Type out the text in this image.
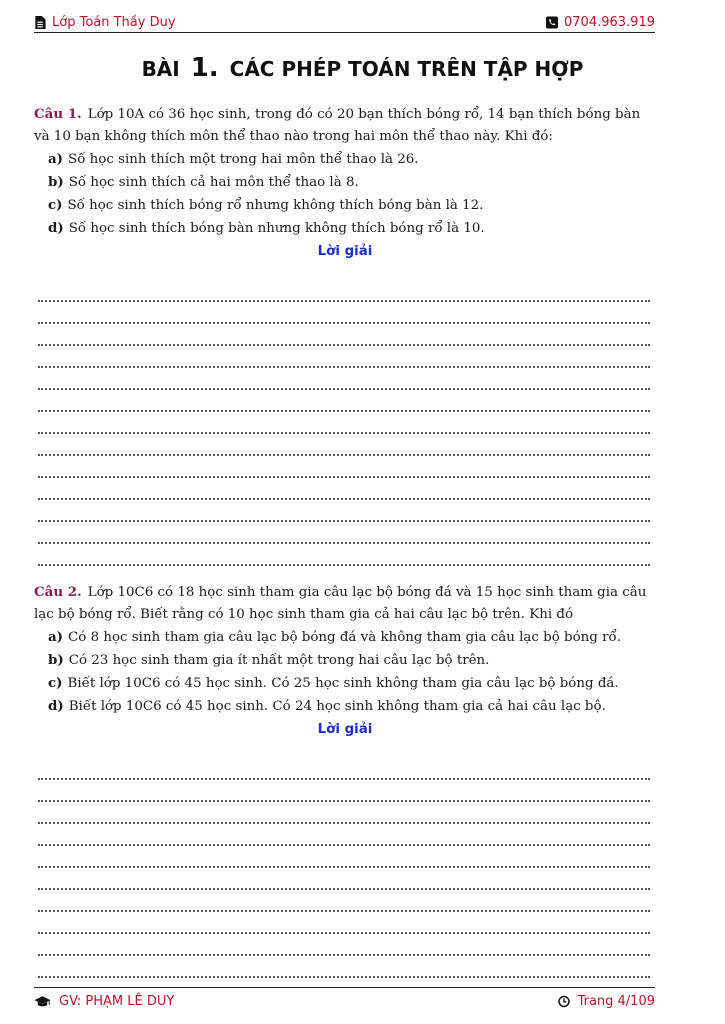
Lớp Toán Thầy Duy	0704.963.919
BÀI 1. CÁC PHÉP TOÁN TRÊN TẬP HỢP
Câu 1. Lớp 10A có 36 học sinh, trong đó có 20 bạn thích bóng rổ, 14 bạn thích bóng bàn và 10 bạn không thích môn thể thao nào trong hai môn thể thao này. Khi đó:
a) Số học sinh thích một trong hai môn thể thao là 26.
b) Số học sinh thích cả hai môn thể thao là 8.
c) Số học sinh thích bóng rổ nhưng không thích bóng bàn là 12.
d) Số học sinh thích bóng bàn nhưng không thích bóng rổ là 10.
Lời giải
Câu 2. Lớp 10C6 có 18 học sinh tham gia câu lạc bộ bóng đá và 15 học sinh tham gia câu lạc bộ bóng rổ. Biết rằng có 10 học sinh tham gia cả hai câu lạc bộ trên. Khi đó
a) Có 8 học sinh tham gia câu lạc bộ bóng đá và không tham gia câu lạc bộ bóng rổ.
b) Có 23 học sinh tham gia ít nhất một trong hai câu lạc bộ trên.
c) Biết lớp 10C6 có 45 học sinh. Có 25 học sinh không tham gia câu lạc bộ bóng đá.
d) Biết lớp 10C6 có 45 học sinh. Có 24 học sinh không tham gia cả hai câu lạc bộ.
Lời giải
GV: PHẠM LÊ DUY	Trang 4/109
